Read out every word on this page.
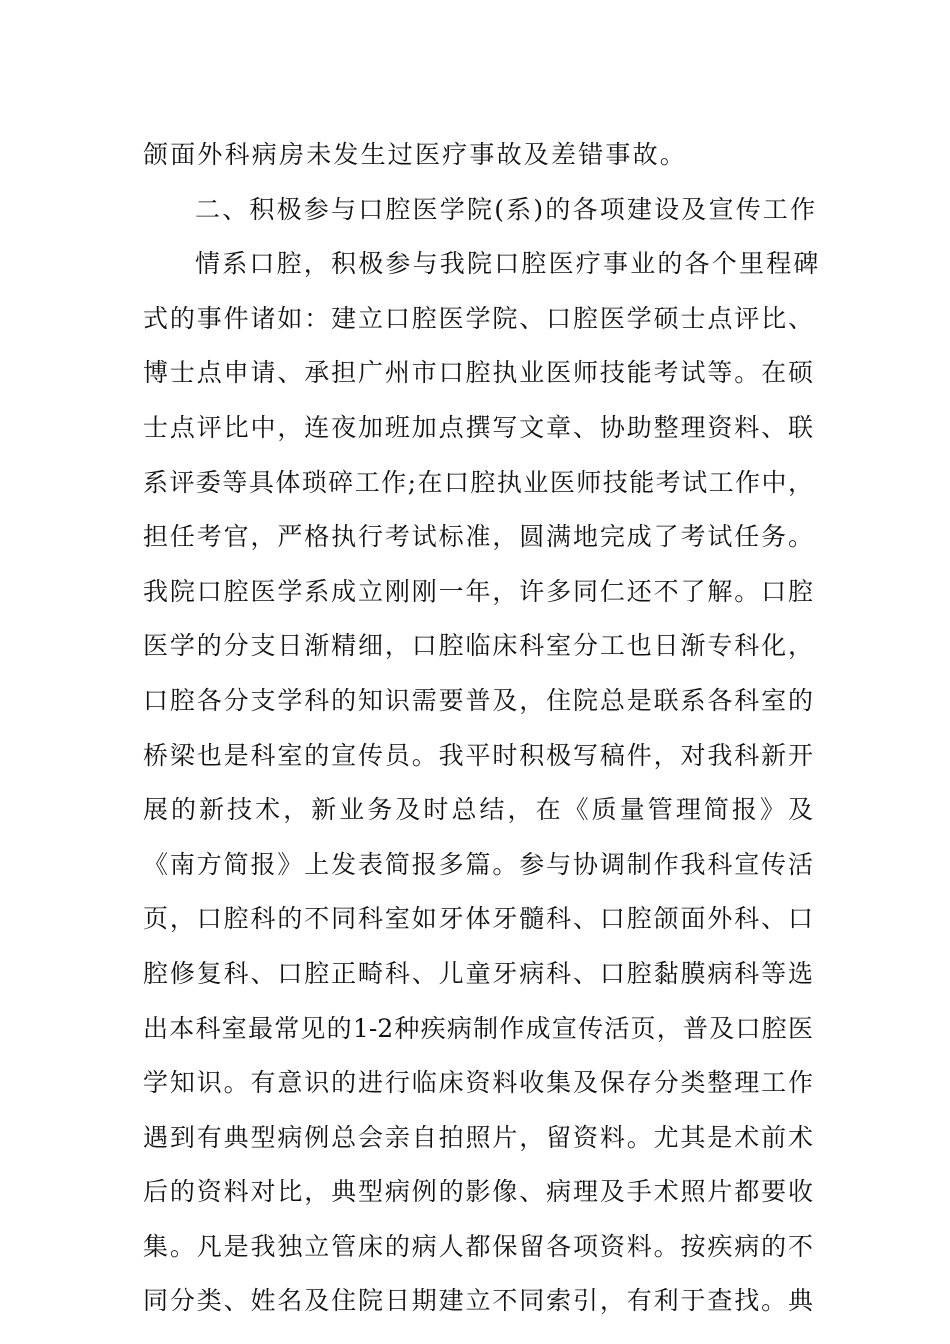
颌面外科病房未发生过医疗事故及差错事故。
二、积极参与口腔医学院(系)的各项建设及宣传工作
情系口腔，积极参与我院口腔医疗事业的各个里程碑
式的事件诸如：建立口腔医学院、口腔医学硕士点评比、
博士点申请、承担广州市口腔执业医师技能考试等。在硕
士点评比中，连夜加班加点撰写文章、协助整理资料、联
系评委等具体琐碎工作;在口腔执业医师技能考试工作中，
担任考官，严格执行考试标准，圆满地完成了考试任务。
我院口腔医学系成立刚刚一年，许多同仁还不了解。口腔
医学的分支日渐精细，口腔临床科室分工也日渐专科化，
口腔各分支学科的知识需要普及，住院总是联系各科室的
桥梁也是科室的宣传员。我平时积极写稿件，对我科新开
展的新技术，新业务及时总结，在《质量管理简报》及
《南方简报》上发表简报多篇。参与协调制作我科宣传活
页，口腔科的不同科室如牙体牙髓科、口腔颌面外科、口
腔修复科、口腔正畸科、儿童牙病科、口腔黏膜病科等选
出本科室最常见的1-2种疾病制作成宣传活页，普及口腔医
学知识。有意识的进行临床资料收集及保存分类整理工作
遇到有典型病例总会亲自拍照片，留资料。尤其是术前术
后的资料对比，典型病例的影像、病理及手术照片都要收
集。凡是我独立管床的病人都保留各项资料。按疾病的不
同分类、姓名及住院日期建立不同索引，有利于查找。典
